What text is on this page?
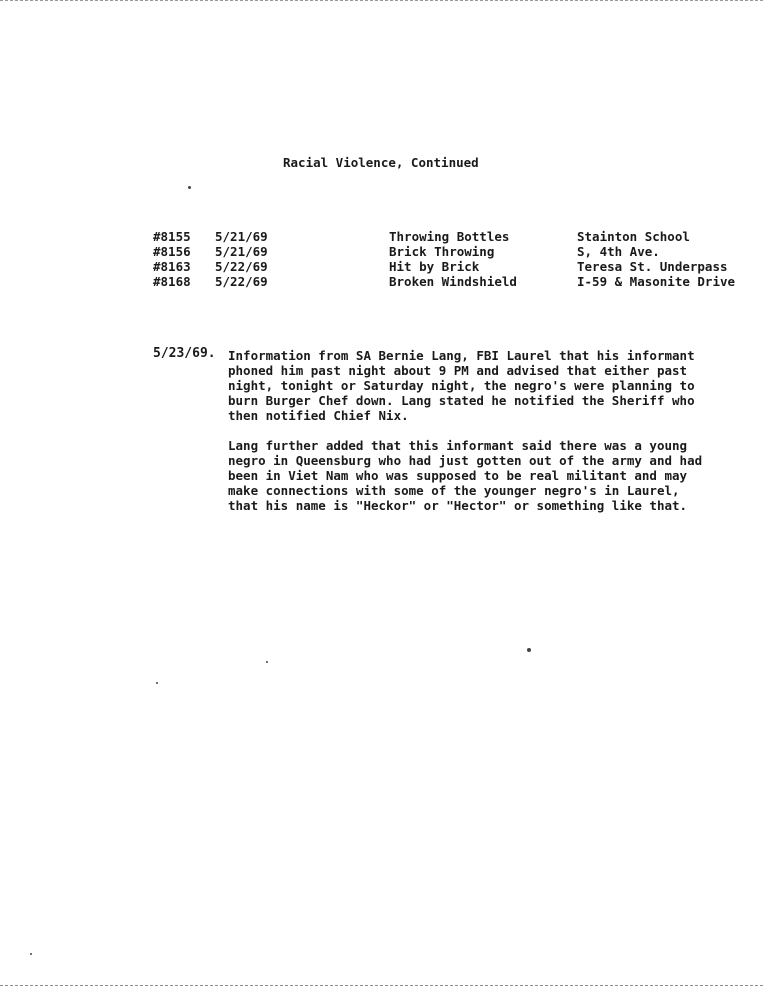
Racial Violence, Continued
#8155	5/21/69	Throwing Bottles	Stainton School
#8156	5/21/69	Brick Throwing	S, 4th Ave.
#8163	5/22/69	Hit by Brick	Teresa St. Underpass
#8168	5/22/69	Broken Windshield	I-59 & Masonite Drive
5/23/69. Information from SA Bernie Lang, FBI Laurel that his informant
phoned him past night about 9 PM and advised that either past
night, tonight or Saturday night, the negro's were planning to
burn Burger Chef down. Lang stated he notified the Sheriff who
then notified Chief Nix.

Lang further added that this informant said there was a young
negro in Queensburg who had just gotten out of the army and had
been in Viet Nam who was supposed to be real militant and may
make connections with some of the younger negro's in Laurel,
that his name is "Heckor" or "Hector" or something like that.
